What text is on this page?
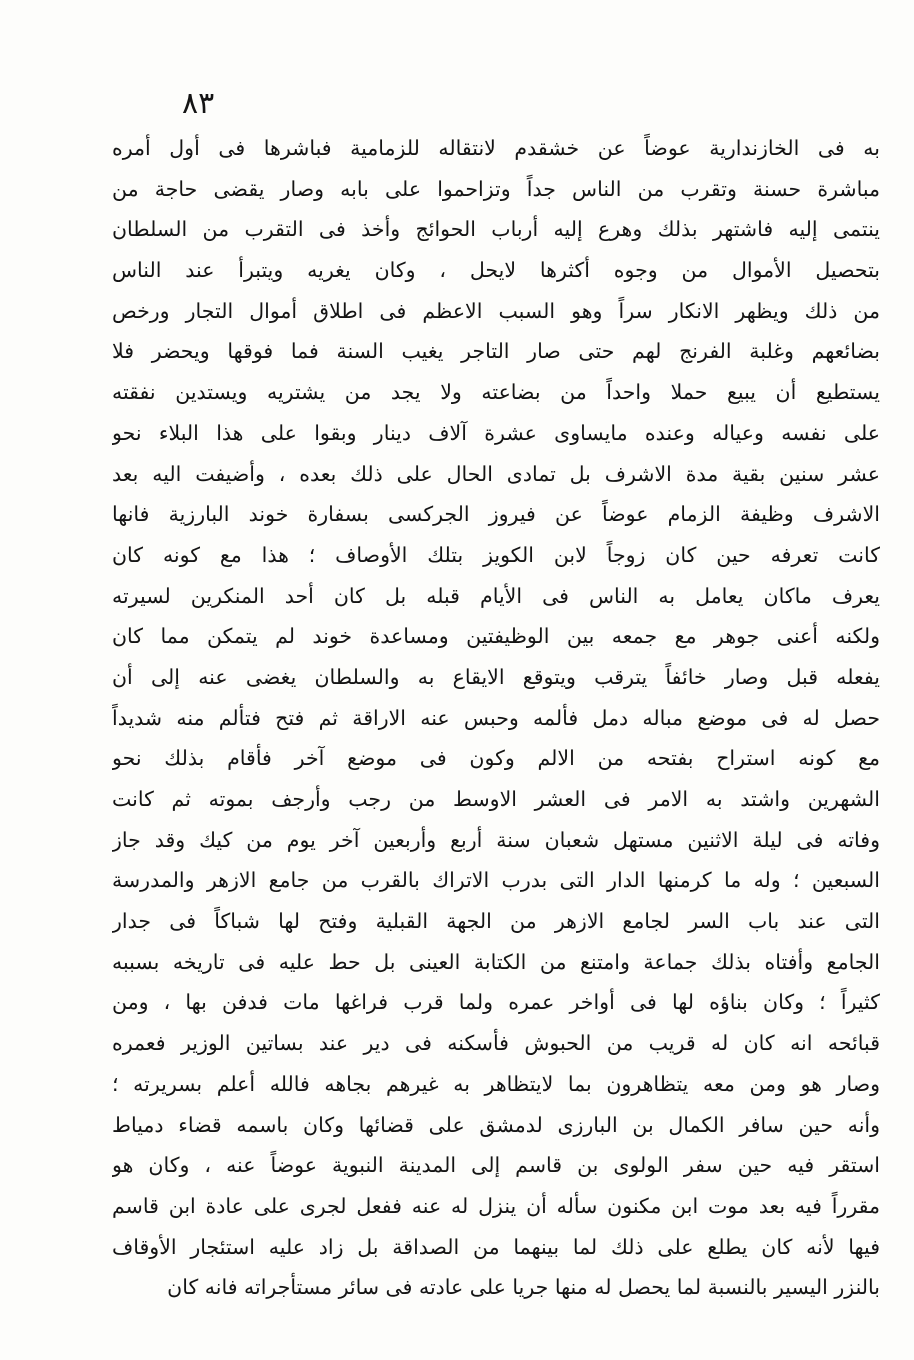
٨٣
به فى الخازندارية عوضاً عن خشقدم لانتقاله للزمامية فباشرها فى أول أمره
مباشرة حسنة وتقرب من الناس جداً وتزاحموا على بابه وصار يقضى حاجة من
ينتمى إليه فاشتهر بذلك وهرع إليه أرباب الحوائج وأخذ فى التقرب من السلطان
بتحصيل الأموال من وجوه أكثرها لايحل ، وكان يغريه ويتبرأ عند الناس
من ذلك ويظهر الانكار سراً وهو السبب الاعظم فى اطلاق أموال التجار ورخص
بضائعهم وغلبة الفرنج لهم حتى صار التاجر يغيب السنة فما فوقها ويحضر فلا
يستطيع أن يبيع حملا واحداً من بضاعته ولا يجد من يشتريه ويستدين نفقته
على نفسه وعياله وعنده مايساوى عشرة آلاف دينار وبقوا على هذا البلاء نحو
عشر سنين بقية مدة الاشرف بل تمادى الحال على ذلك بعده ، وأضيفت اليه بعد
الاشرف وظيفة الزمام عوضاً عن فيروز الجركسى بسفارة خوند البارزية فانها
كانت تعرفه حين كان زوجاً لابن الكويز بتلك الأوصاف ؛ هذا مع كونه كان
يعرف ماكان يعامل به الناس فى الأيام قبله بل كان أحد المنكرين لسيرته
ولكنه أعنى جوهر مع جمعه بين الوظيفتين ومساعدة خوند لم يتمكن مما كان
يفعله قبل وصار خائفاً يترقب ويتوقع الايقاع به والسلطان يغضى عنه إلى أن
حصل له فى موضع مباله دمل فألمه وحبس عنه الاراقة ثم فتح فتألم منه شديداً
مع كونه استراح بفتحه من الالم وكون فى موضع آخر فأقام بذلك نحو
الشهرين واشتد به الامر فى العشر الاوسط من رجب وأرجف بموته ثم كانت
وفاته فى ليلة الاثنين مستهل شعبان سنة أربع وأربعين آخر يوم من كيك وقد جاز
السبعين ؛ وله ما كرمنها الدار التى بدرب الاتراك بالقرب من جامع الازهر والمدرسة
التى عند باب السر لجامع الازهر من الجهة القبلية وفتح لها شباكاً فى جدار
الجامع وأفتاه بذلك جماعة وامتنع من الكتابة العينى بل حط عليه فى تاريخه بسببه
كثيراً ؛ وكان بناؤه لها فى أواخر عمره ولما قرب فراغها مات فدفن بها ، ومن
قبائحه انه كان له قريب من الحبوش فأسكنه فى دير عند بساتين الوزير فعمره
وصار هو ومن معه يتظاهرون بما لايتظاهر به غيرهم بجاهه فالله أعلم بسريرته ؛
وأنه حين سافر الكمال بن البارزى لدمشق على قضائها وكان باسمه قضاء دمياط
استقر فيه حين سفر الولوى بن قاسم إلى المدينة النبوية عوضاً عنه ، وكان هو
مقرراً فيه بعد موت ابن مكنون سأله أن ينزل له عنه ففعل لجرى على عادة ابن قاسم
فيها لأنه كان يطلع على ذلك لما بينهما من الصداقة بل زاد عليه استئجار الأوقاف
بالنزر اليسير بالنسبة لما يحصل له منها جريا على عادته فى سائر مستأجراته فانه كان
